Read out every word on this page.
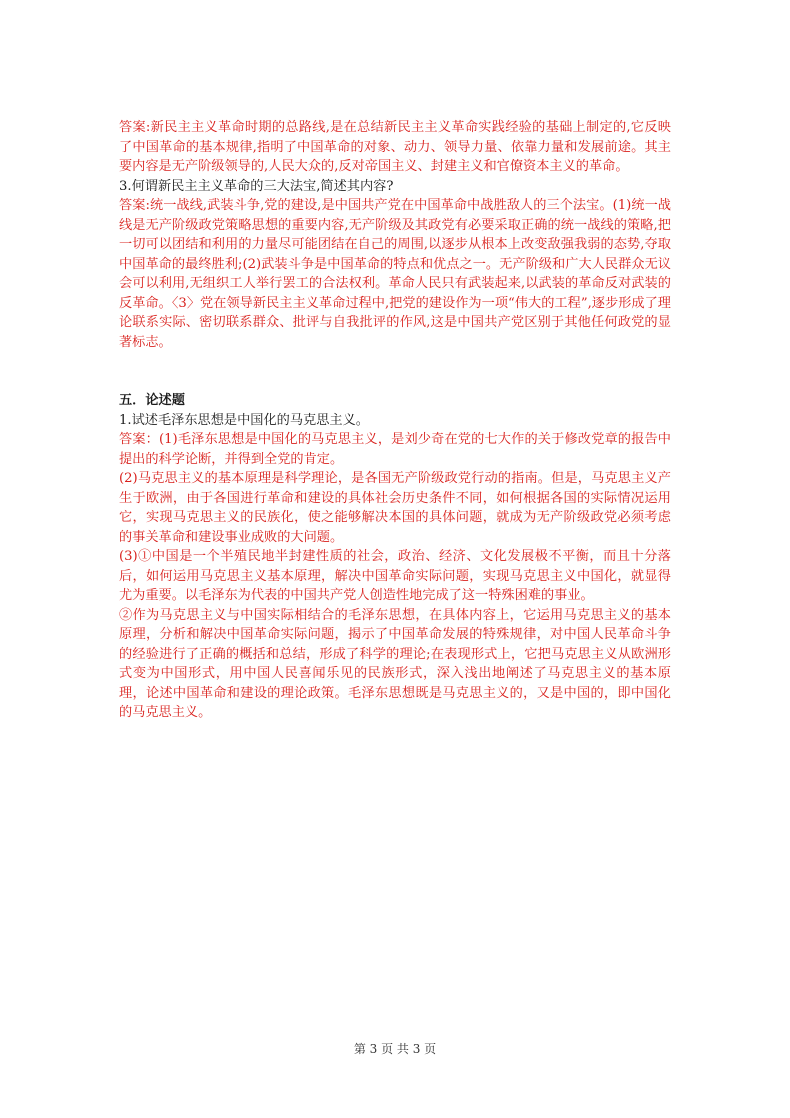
答案:新民主主义革命时期的总路线,是在总结新民主主义革命实践经验的基础上制定的,它反映了中国革命的基本规律,指明了中国革命的对象、动力、领导力量、依靠力量和发展前途。其主要内容是无产阶级领导的,人民大众的,反对帝国主义、封建主义和官僚资本主义的革命。

3.何谓新民主主义革命的三大法宝,简述其内容?

答案:统一战线,武装斗争,党的建设,是中国共产党在中国革命中战胜敌人的三个法宝。(1)统一战线是无产阶级政党策略思想的重要内容,无产阶级及其政党有必要采取正确的统一战线的策略,把一切可以团结和利用的力量尽可能团结在自己的周围,以逐步从根本上改变敌强我弱的态势,夺取中国革命的最终胜利;(2)武装斗争是中国革命的特点和优点之一。无产阶级和广大人民群众无议会可以利用,无组织工人举行罢工的合法权利。革命人民只有武装起来,以武装的革命反对武装的反革命。〈3〉党在领导新民主主义革命过程中,把党的建设作为一项“伟大的工程”,逐步形成了理论联系实际、密切联系群众、批评与自我批评的作风,这是中国共产党区别于其他任何政党的显著标志。

五．论述题

1.试述毛泽东思想是中国化的马克思主义。

答案：(1)毛泽东思想是中国化的马克思主义，是刘少奇在党的七大作的关于修改党章的报告中提出的科学论断，并得到全党的肯定。

(2)马克思主义的基本原理是科学理论，是各国无产阶级政党行动的指南。但是，马克思主义产生于欧洲，由于各国进行革命和建设的具体社会历史条件不同，如何根据各国的实际情况运用它，实现马克思主义的民族化，使之能够解决本国的具体问题，就成为无产阶级政党必须考虑的事关革命和建设事业成败的大问题。

(3)①中国是一个半殖民地半封建性质的社会，政治、经济、文化发展极不平衡，而且十分落后，如何运用马克思主义基本原理，解决中国革命实际问题，实现马克思主义中国化，就显得尤为重要。以毛泽东为代表的中国共产党人创造性地完成了这一特殊困难的事业。

②作为马克思主义与中国实际相结合的毛泽东思想，在具体内容上，它运用马克思主义的基本原理，分析和解决中国革命实际问题，揭示了中国革命发展的特殊规律，对中国人民革命斗争的经验进行了正确的概括和总结，形成了科学的理论;在表现形式上，它把马克思主义从欧洲形式变为中国形式，用中国人民喜闻乐见的民族形式，深入浅出地阐述了马克思主义的基本原理，论述中国革命和建设的理论政策。毛泽东思想既是马克思主义的，又是中国的，即中国化的马克思主义。

第 3 页 共 3 页
